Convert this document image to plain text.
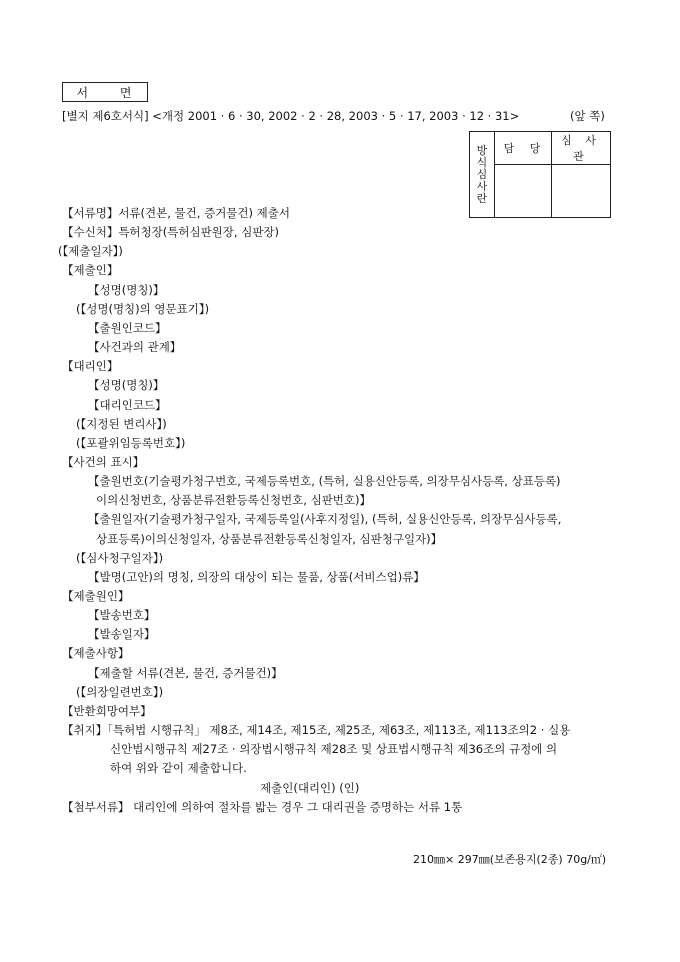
서 면
[별지 제6호서식] <개정 2001 · 6 · 30, 2002 · 2 · 28, 2003 · 5 · 17, 2003 · 12 · 31>	(앞 쪽)
방
식
심
사
란	담 당	심 사 관

【서류명】서류(견본, 물건, 증거물건) 제출서
【수신처】특허청장(특허심판원장, 심판장)
(【제출일자】)
【제출인】
【성명(명칭)】
(【성명(명칭)의 영문표기】)
【출원인코드】
【사건과의 관계】
【대리인】
【성명(명칭)】
【대리인코드】
(【지정된 변리사】)
(【포괄위임등록번호】)
【사건의 표시】
【출원번호(기술평가청구번호, 국제등록번호, (특허, 실용신안등록, 의장무심사등록, 상표등록)
이의신청번호, 상품분류전환등록신청번호, 심판번호)】
【출원일자(기술평가청구일자, 국제등록일(사후지정일), (특허, 실용신안등록, 의장무심사등록,
상표등록)이의신청일자, 상품분류전환등록신청일자, 심판청구일자)】
(【심사청구일자】)
【발명(고안)의 명칭, 의장의 대상이 되는 물품, 상품(서비스업)류】
【제출원인】
【발송번호】
【발송일자】
【제출사항】
【제출할 서류(견본, 물건, 증거물건)】
(【의장일련번호】)
【반환희망여부】
【취지】「특허법 시행규칙」 제8조, 제14조, 제15조, 제25조, 제63조, 제113조, 제113조의2 · 실용
신안법시행규칙 제27조 · 의장법시행규칙 제28조 및 상표법시행규칙 제36조의 규정에 의
하여 위와 같이 제출합니다.
제출인(대리인) (인)
【첨부서류】 대리인에 의하여 절차를 밟는 경우 그 대리권을 증명하는 서류 1통
210㎜× 297㎜(보존용지(2종) 70g/㎡)
